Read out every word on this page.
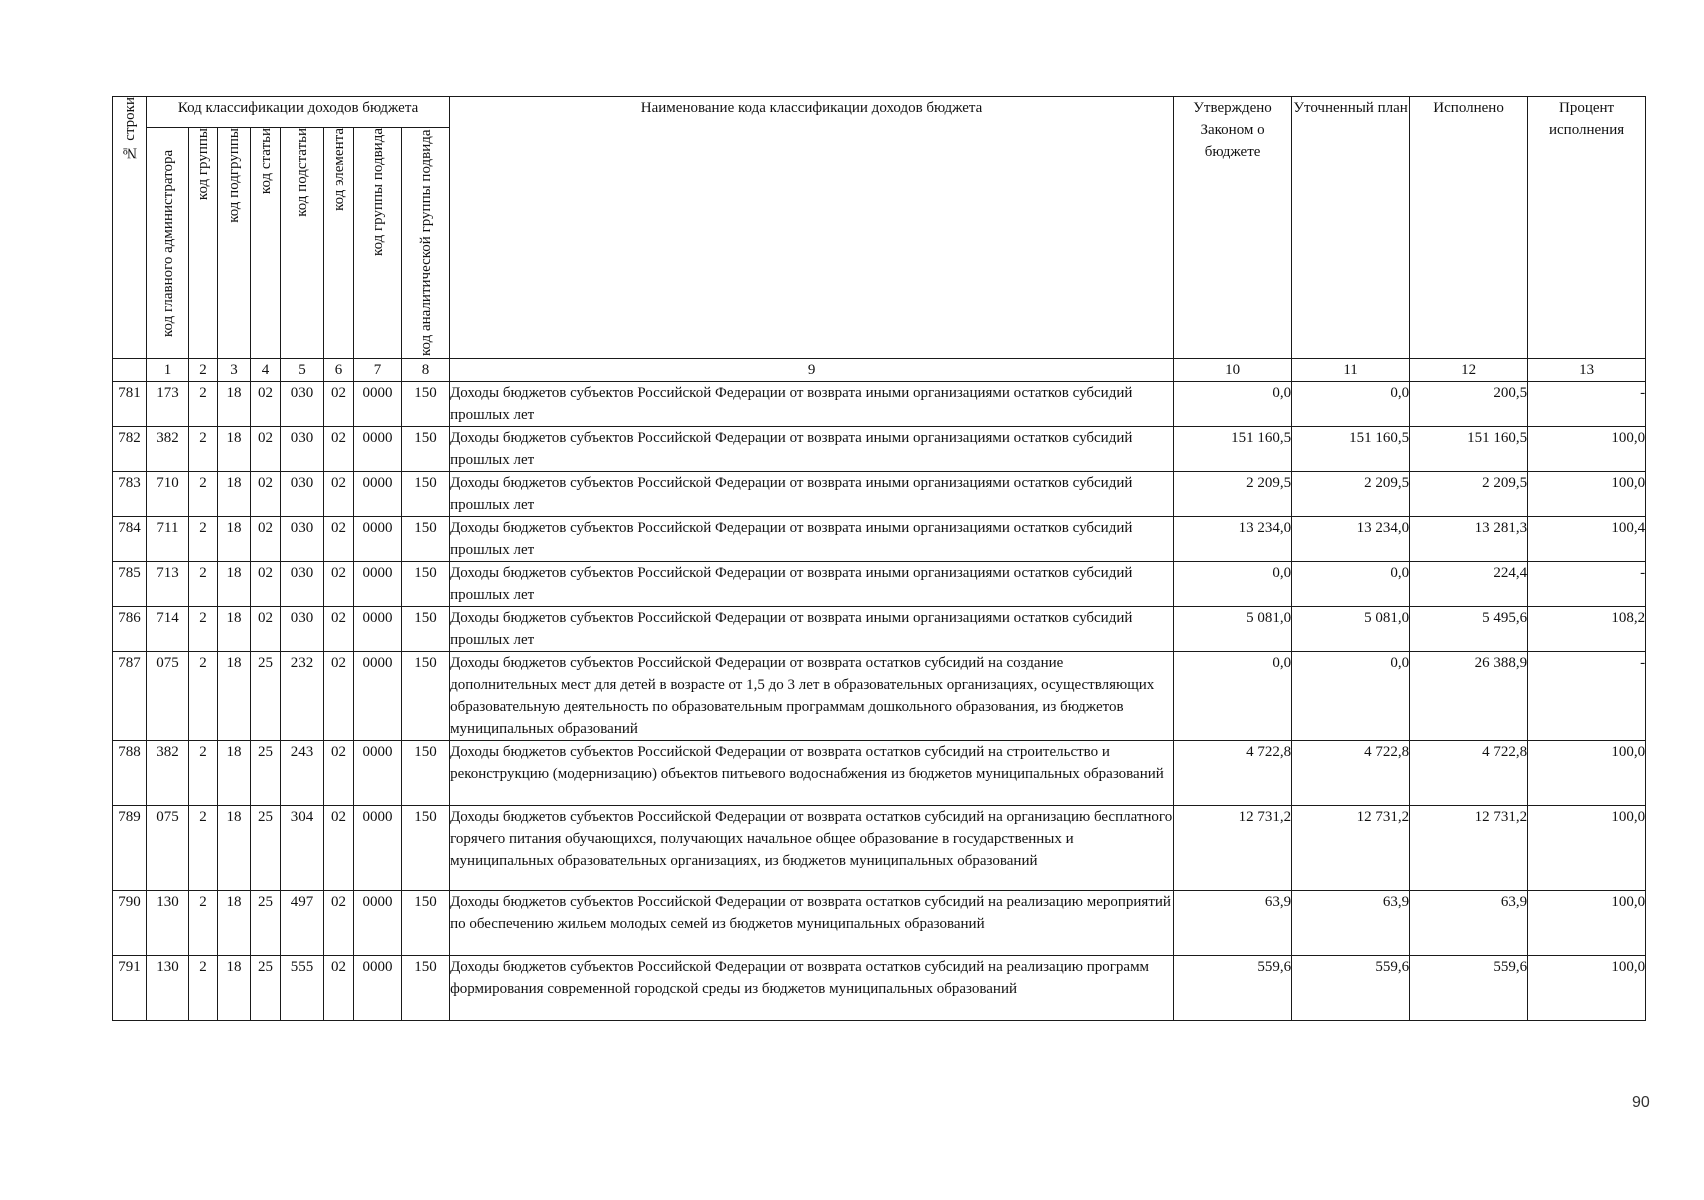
№ строки	Код классификации доходов бюджета								Наименование кода классификации доходов бюджета	Утверждено Законом о бюджете	Уточненный план	Исполнено	Процент исполнения

	код главного администратора	код группы	код подгруппы	код статьи	код подстатьи	код элемента	код группы подвида	код аналитической группы подвида					

	1	2	3	4	5	6	7	8	9	10	11	12	13
781	173	2	18	02	030	02	0000	150	Доходы бюджетов субъектов Российской Федерации от возврата иными организациями остатков субсидий прошлых лет	0,0	0,0	200,5	-
782	382	2	18	02	030	02	0000	150	Доходы бюджетов субъектов Российской Федерации от возврата иными организациями остатков субсидий прошлых лет	151 160,5	151 160,5	151 160,5	100,0
783	710	2	18	02	030	02	0000	150	Доходы бюджетов субъектов Российской Федерации от возврата иными организациями остатков субсидий прошлых лет	2 209,5	2 209,5	2 209,5	100,0
784	711	2	18	02	030	02	0000	150	Доходы бюджетов субъектов Российской Федерации от возврата иными организациями остатков субсидий прошлых лет	13 234,0	13 234,0	13 281,3	100,4
785	713	2	18	02	030	02	0000	150	Доходы бюджетов субъектов Российской Федерации от возврата иными организациями остатков субсидий прошлых лет	0,0	0,0	224,4	-
786	714	2	18	02	030	02	0000	150	Доходы бюджетов субъектов Российской Федерации от возврата иными организациями остатков субсидий прошлых лет	5 081,0	5 081,0	5 495,6	108,2
787	075	2	18	25	232	02	0000	150	Доходы бюджетов субъектов Российской Федерации от возврата остатков субсидий на создание дополнительных мест для детей в возрасте от 1,5 до 3 лет в образовательных организациях, осуществляющих образовательную деятельность по образовательным программам дошкольного образования, из бюджетов муниципальных образований	0,0	0,0	26 388,9	-
788	382	2	18	25	243	02	0000	150	Доходы бюджетов субъектов Российской Федерации от возврата остатков субсидий на строительство и реконструкцию (модернизацию) объектов питьевого водоснабжения из бюджетов муниципальных образований	4 722,8	4 722,8	4 722,8	100,0
789	075	2	18	25	304	02	0000	150	Доходы бюджетов субъектов Российской Федерации от возврата остатков субсидий на организацию бесплатного горячего питания обучающихся, получающих начальное общее образование в государственных и муниципальных образовательных организациях, из бюджетов муниципальных образований	12 731,2	12 731,2	12 731,2	100,0
790	130	2	18	25	497	02	0000	150	Доходы бюджетов субъектов Российской Федерации от возврата остатков субсидий на реализацию мероприятий по обеспечению жильем молодых семей из бюджетов муниципальных образований	63,9	63,9	63,9	100,0
791	130	2	18	25	555	02	0000	150	Доходы бюджетов субъектов Российской Федерации от возврата остатков субсидий на реализацию программ формирования современной городской среды из бюджетов муниципальных образований	559,6	559,6	559,6	100,0
90
